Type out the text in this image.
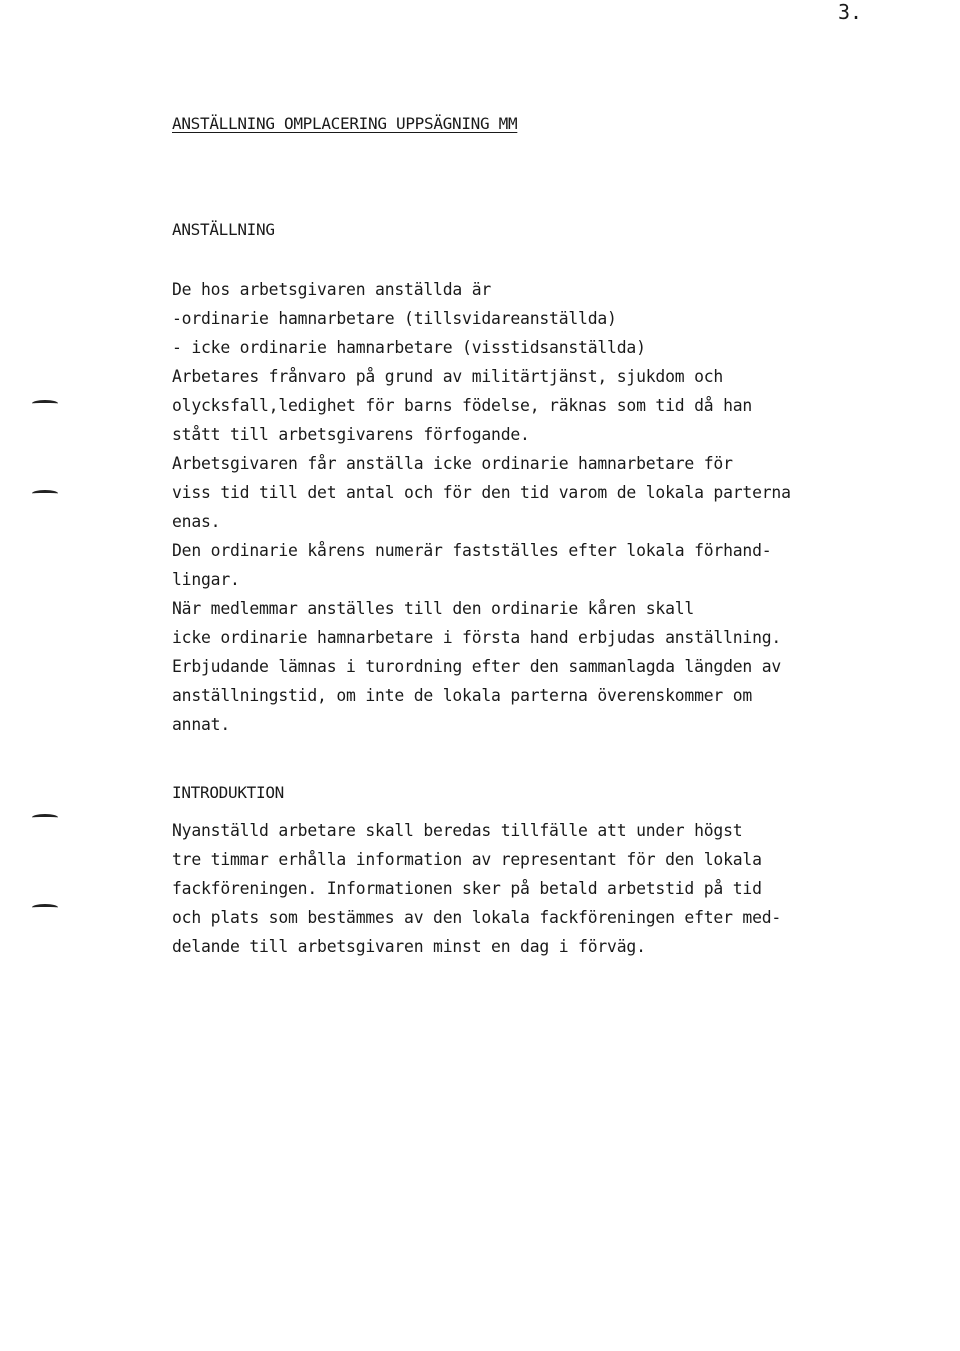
3.
ANSTÄLLNING OMPLACERING UPPSÄGNING MM
ANSTÄLLNING
De hos arbetsgivaren anställda är
-ordinarie hamnarbetare (tillsvidareanställda)
- icke ordinarie hamnarbetare (visstidsanställda)
Arbetares frånvaro på grund av militärtjänst, sjukdom och
olycksfall,ledighet för barns födelse, räknas som tid då han
stått till arbetsgivarens förfogande.
Arbetsgivaren får anställa icke ordinarie hamnarbetare för
viss tid till det antal och för den tid varom de lokala parterna
enas.
Den ordinarie kårens numerär fastställes efter lokala förhand-
lingar.
När medlemmar anställes till den ordinarie kåren skall
icke ordinarie hamnarbetare i första hand erbjudas anställning.
Erbjudande lämnas i turordning efter den sammanlagda längden av
anställningstid, om inte de lokala parterna överenskommer om
annat.
INTRODUKTION
Nyanställd arbetare skall beredas tillfälle att under högst
tre timmar erhålla information av representant för den lokala
fackföreningen. Informationen sker på betald arbetstid på tid
och plats som bestämmes av den lokala fackföreningen efter med-
delande till arbetsgivaren minst en dag i förväg.
